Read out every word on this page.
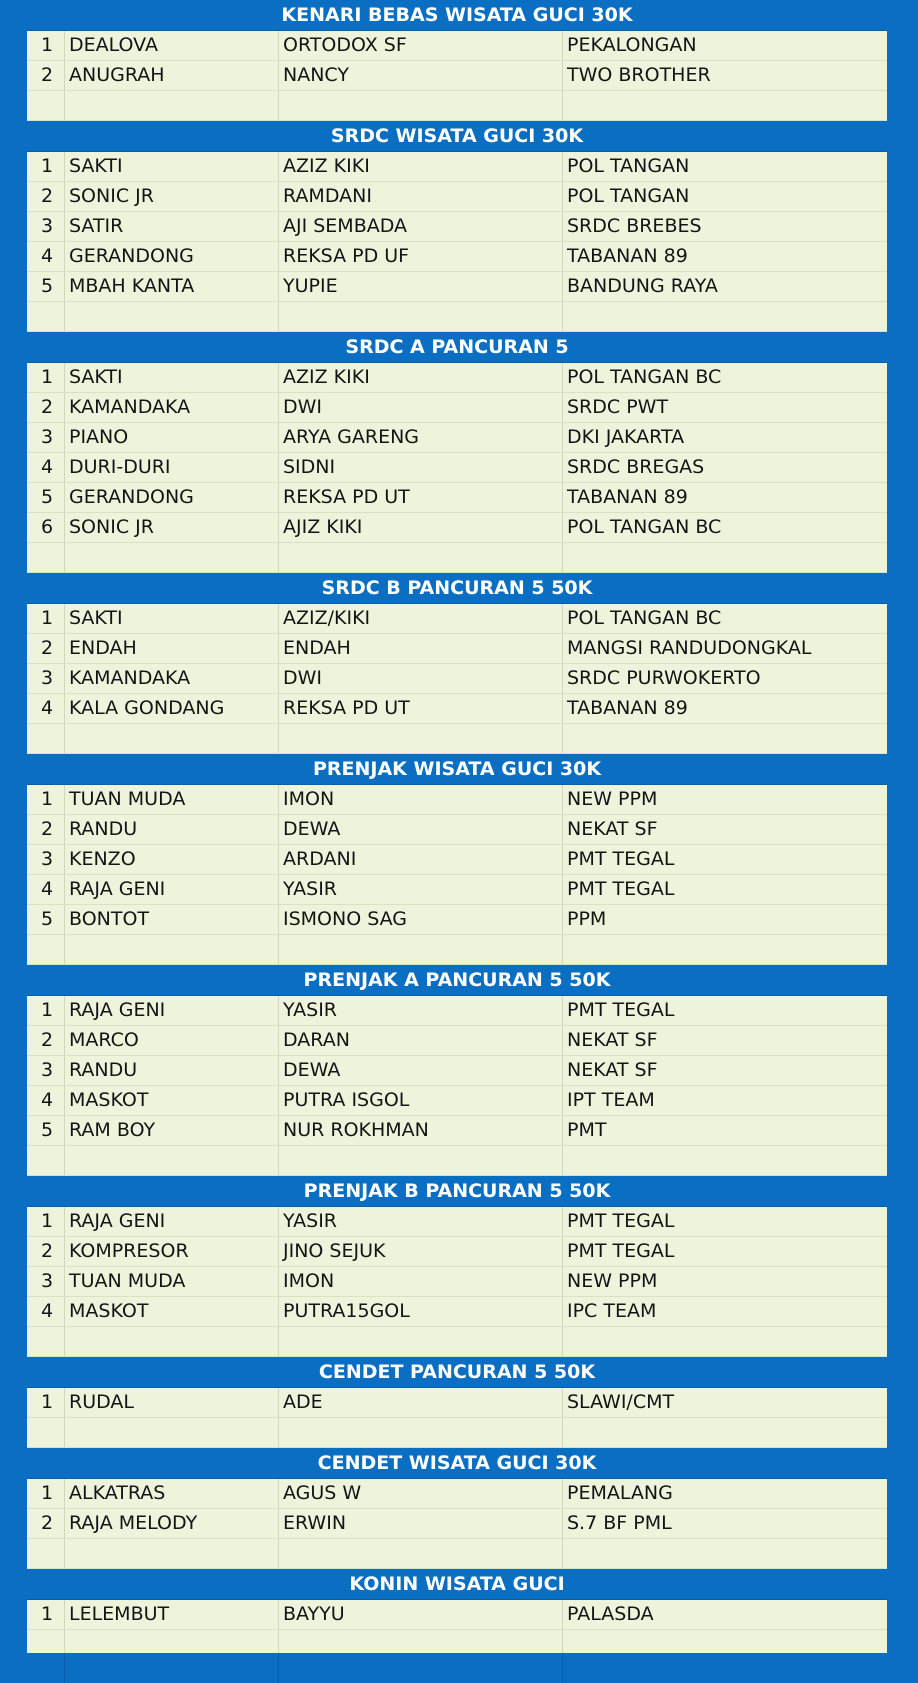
KENARI BEBAS WISATA GUCI 30K
1 DEALOVA	ORTODOX SF	PEKALONGAN
2 ANUGRAH	NANCY	TWO BROTHER
SRDC WISATA GUCI 30K
1 SAKTI	AZIZ KIKI	POL TANGAN
2 SONIC JR	RAMDANI	POL TANGAN
3 SATIR	AJI SEMBADA	SRDC BREBES
4 GERANDONG	REKSA PD UF	TABANAN 89
5 MBAH KANTA	YUPIE	BANDUNG RAYA
SRDC A PANCURAN 5
1 SAKTI	AZIZ KIKI	POL TANGAN BC
2 KAMANDAKA	DWI	SRDC PWT
3 PIANO	ARYA GARENG	DKI JAKARTA
4 DURI-DURI	SIDNI	SRDC BREGAS
5 GERANDONG	REKSA PD UT	TABANAN 89
6 SONIC JR	AJIZ KIKI	POL TANGAN BC
SRDC B PANCURAN 5 50K
1 SAKTI	AZIZ/KIKI	POL TANGAN BC
2 ENDAH	ENDAH	MANGSI RANDUDONGKAL
3 KAMANDAKA	DWI	SRDC PURWOKERTO
4 KALA GONDANG	REKSA PD UT	TABANAN 89
PRENJAK WISATA GUCI 30K
1 TUAN MUDA	IMON	NEW PPM
2 RANDU	DEWA	NEKAT SF
3 KENZO	ARDANI	PMT TEGAL
4 RAJA GENI	YASIR	PMT TEGAL
5 BONTOT	ISMONO SAG	PPM
PRENJAK A PANCURAN 5 50K
1 RAJA GENI	YASIR	PMT TEGAL
2 MARCO	DARAN	NEKAT SF
3 RANDU	DEWA	NEKAT SF
4 MASKOT	PUTRA ISGOL	IPT TEAM
5 RAM BOY	NUR ROKHMAN	PMT
PRENJAK B PANCURAN 5 50K
1 RAJA GENI	YASIR	PMT TEGAL
2 KOMPRESOR	JINO SEJUK	PMT TEGAL
3 TUAN MUDA	IMON	NEW PPM
4 MASKOT	PUTRA15GOL	IPC TEAM
CENDET PANCURAN 5 50K
1 RUDAL	ADE	SLAWI/CMT
CENDET WISATA GUCI 30K
1 ALKATRAS	AGUS W	PEMALANG
2 RAJA MELODY	ERWIN	S.7 BF PML
KONIN WISATA GUCI
1 LELEMBUT	BAYYU	PALASDA
